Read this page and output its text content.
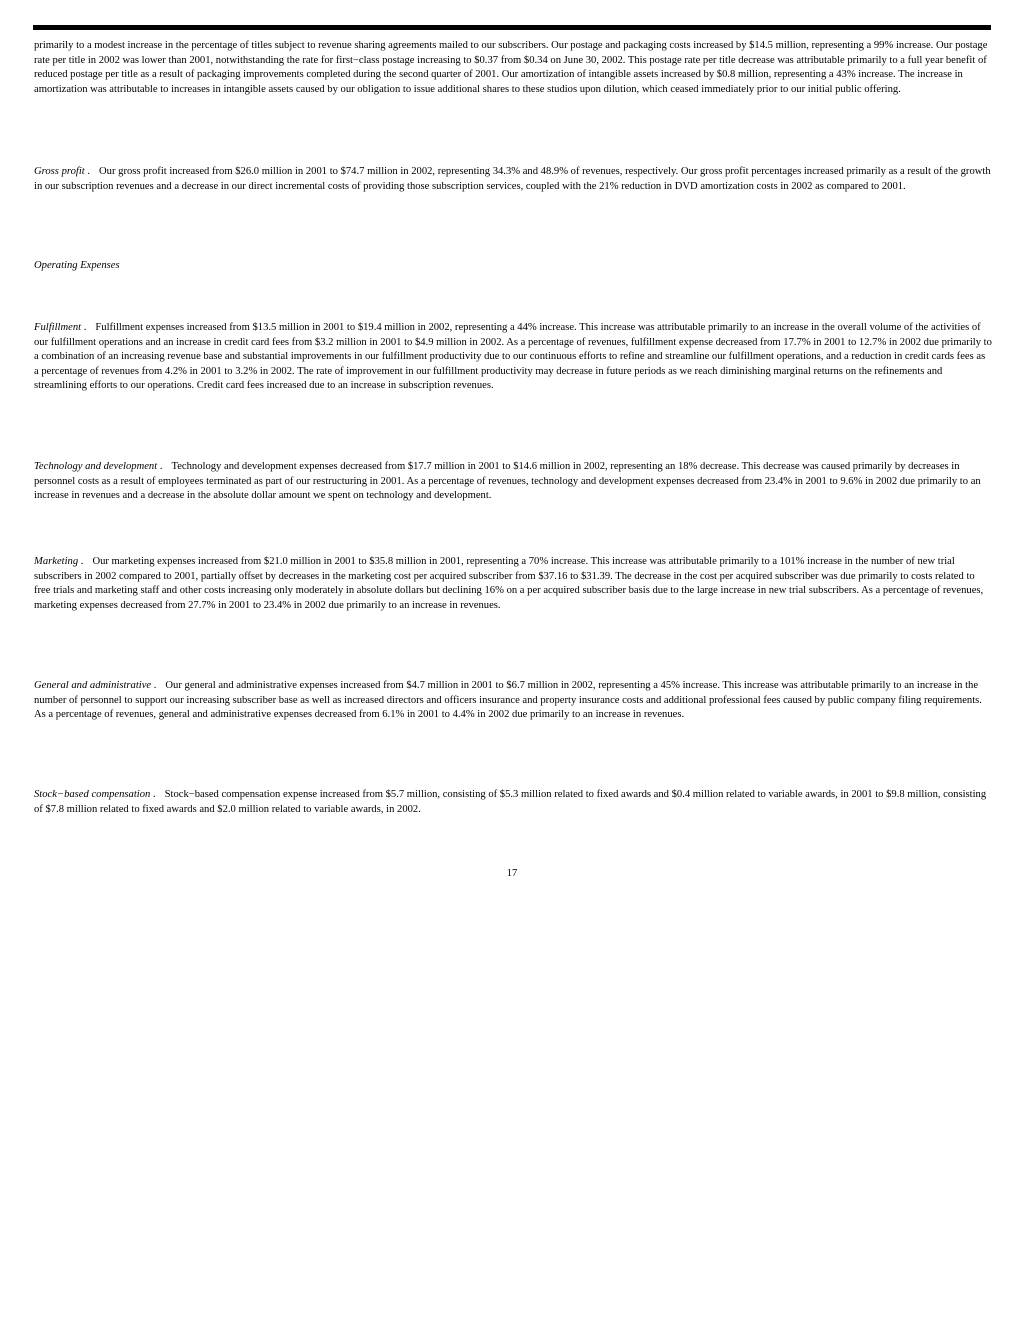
primarily to a modest increase in the percentage of titles subject to revenue sharing agreements mailed to our subscribers. Our postage and packaging costs increased by $14.5 million, representing a 99% increase. Our postage rate per title in 2002 was lower than 2001, notwithstanding the rate for first−class postage increasing to $0.37 from $0.34 on June 30, 2002. This postage rate per title decrease was attributable primarily to a full year benefit of reduced postage per title as a result of packaging improvements completed during the second quarter of 2001. Our amortization of intangible assets increased by $0.8 million, representing a 43% increase. The increase in amortization was attributable to increases in intangible assets caused by our obligation to issue additional shares to these studios upon dilution, which ceased immediately prior to our initial public offering.

Gross profit . Our gross profit increased from $26.0 million in 2001 to $74.7 million in 2002, representing 34.3% and 48.9% of revenues, respectively. Our gross profit percentages increased primarily as a result of the growth in our subscription revenues and a decrease in our direct incremental costs of providing those subscription services, coupled with the 21% reduction in DVD amortization costs in 2002 as compared to 2001.

Operating Expenses

Fulfillment . Fulfillment expenses increased from $13.5 million in 2001 to $19.4 million in 2002, representing a 44% increase. This increase was attributable primarily to an increase in the overall volume of the activities of our fulfillment operations and an increase in credit card fees from $3.2 million in 2001 to $4.9 million in 2002. As a percentage of revenues, fulfillment expense decreased from 17.7% in 2001 to 12.7% in 2002 due primarily to a combination of an increasing revenue base and substantial improvements in our fulfillment productivity due to our continuous efforts to refine and streamline our fulfillment operations, and a reduction in credit cards fees as a percentage of revenues from 4.2% in 2001 to 3.2% in 2002. The rate of improvement in our fulfillment productivity may decrease in future periods as we reach diminishing marginal returns on the refinements and streamlining efforts to our operations. Credit card fees increased due to an increase in subscription revenues.

Technology and development . Technology and development expenses decreased from $17.7 million in 2001 to $14.6 million in 2002, representing an 18% decrease. This decrease was caused primarily by decreases in personnel costs as a result of employees terminated as part of our restructuring in 2001. As a percentage of revenues, technology and development expenses decreased from 23.4% in 2001 to 9.6% in 2002 due primarily to an increase in revenues and a decrease in the absolute dollar amount we spent on technology and development.

Marketing . Our marketing expenses increased from $21.0 million in 2001 to $35.8 million in 2001, representing a 70% increase. This increase was attributable primarily to a 101% increase in the number of new trial subscribers in 2002 compared to 2001, partially offset by decreases in the marketing cost per acquired subscriber from $37.16 to $31.39. The decrease in the cost per acquired subscriber was due primarily to costs related to free trials and marketing staff and other costs increasing only moderately in absolute dollars but declining 16% on a per acquired subscriber basis due to the large increase in new trial subscribers. As a percentage of revenues, marketing expenses decreased from 27.7% in 2001 to 23.4% in 2002 due primarily to an increase in revenues.

General and administrative . Our general and administrative expenses increased from $4.7 million in 2001 to $6.7 million in 2002, representing a 45% increase. This increase was attributable primarily to an increase in the number of personnel to support our increasing subscriber base as well as increased directors and officers insurance and property insurance costs and additional professional fees caused by public company filing requirements. As a percentage of revenues, general and administrative expenses decreased from 6.1% in 2001 to 4.4% in 2002 due primarily to an increase in revenues.

Stock−based compensation . Stock−based compensation expense increased from $5.7 million, consisting of $5.3 million related to fixed awards and $0.4 million related to variable awards, in 2001 to $9.8 million, consisting of $7.8 million related to fixed awards and $2.0 million related to variable awards, in 2002.

17
